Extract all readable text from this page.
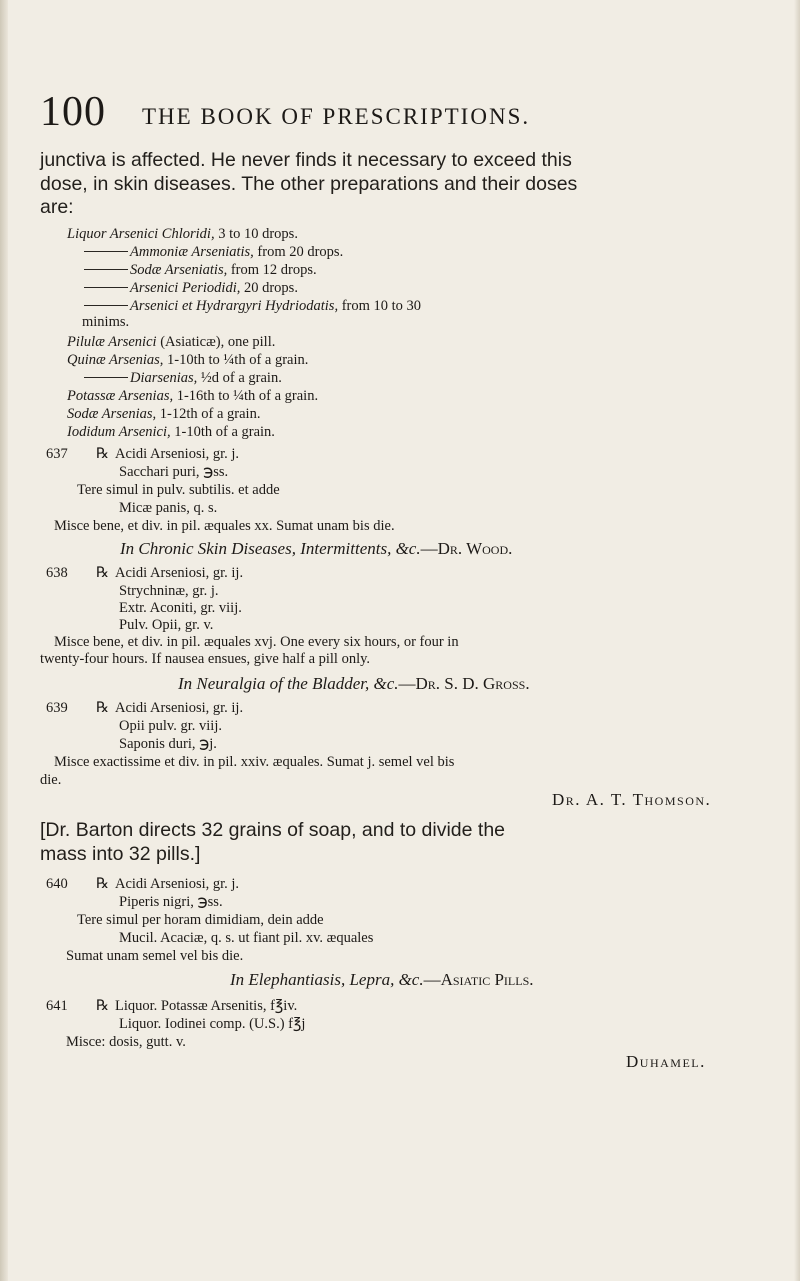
100 THE BOOK OF PRESCRIPTIONS.
junctiva is affected. He never finds it necessary to exceed this
dose, in skin diseases. The other preparations and their doses
are:
Liquor Arsenici Chloridi, 3 to 10 drops.
Ammoniæ Arseniatis, from 20 drops.
Sodæ Arseniatis, from 12 drops.
Arsenici Periodidi, 20 drops.
Arsenici et Hydrargyri Hydriodatis, from 10 to 30
minims.
Pilulæ Arsenici (Asiaticæ), one pill.
Quinæ Arsenias, 1-10th to ¼th of a grain.
Diarsenias, ½d of a grain.
Potassæ Arsenias, 1-16th to ¼th of a grain.
Sodæ Arsenias, 1-12th of a grain.
Iodidum Arsenici, 1-10th of a grain.
637 ℞ Acidi Arseniosi, gr. j.
Sacchari puri, ℈ss.
Tere simul in pulv. subtilis. et adde
Micæ panis, q. s.
Misce bene, et div. in pil. æquales xx. Sumat unam bis die.
In Chronic Skin Diseases, Intermittents, &c.—Dr. Wood.
638 ℞ Acidi Arseniosi, gr. ij.
Strychninæ, gr. j.
Extr. Aconiti, gr. viij.
Pulv. Opii, gr. v.
Misce bene, et div. in pil. æquales xvj. One every six hours, or four in
twenty-four hours. If nausea ensues, give half a pill only.
In Neuralgia of the Bladder, &c.—Dr. S. D. Gross.
639 ℞ Acidi Arseniosi, gr. ij.
Opii pulv. gr. viij.
Saponis duri, ℈j.
Misce exactissime et div. in pil. xxiv. æquales. Sumat j. semel vel bis
die.
Dr. A. T. Thomson.
[Dr. Barton directs 32 grains of soap, and to divide the
mass into 32 pills.]
640 ℞ Acidi Arseniosi, gr. j.
Piperis nigri, ℈ss.
Tere simul per horam dimidiam, dein adde
Mucil. Acaciæ, q. s. ut fiant pil. xv. æquales
Sumat unam semel vel bis die.
In Elephantiasis, Lepra, &c.—Asiatic Pills.
641 ℞ Liquor. Potassæ Arsenitis, f℥iv.
Liquor. Iodinei comp. (U.S.) f℥j
Misce: dosis, gutt. v.
Duhamel.
